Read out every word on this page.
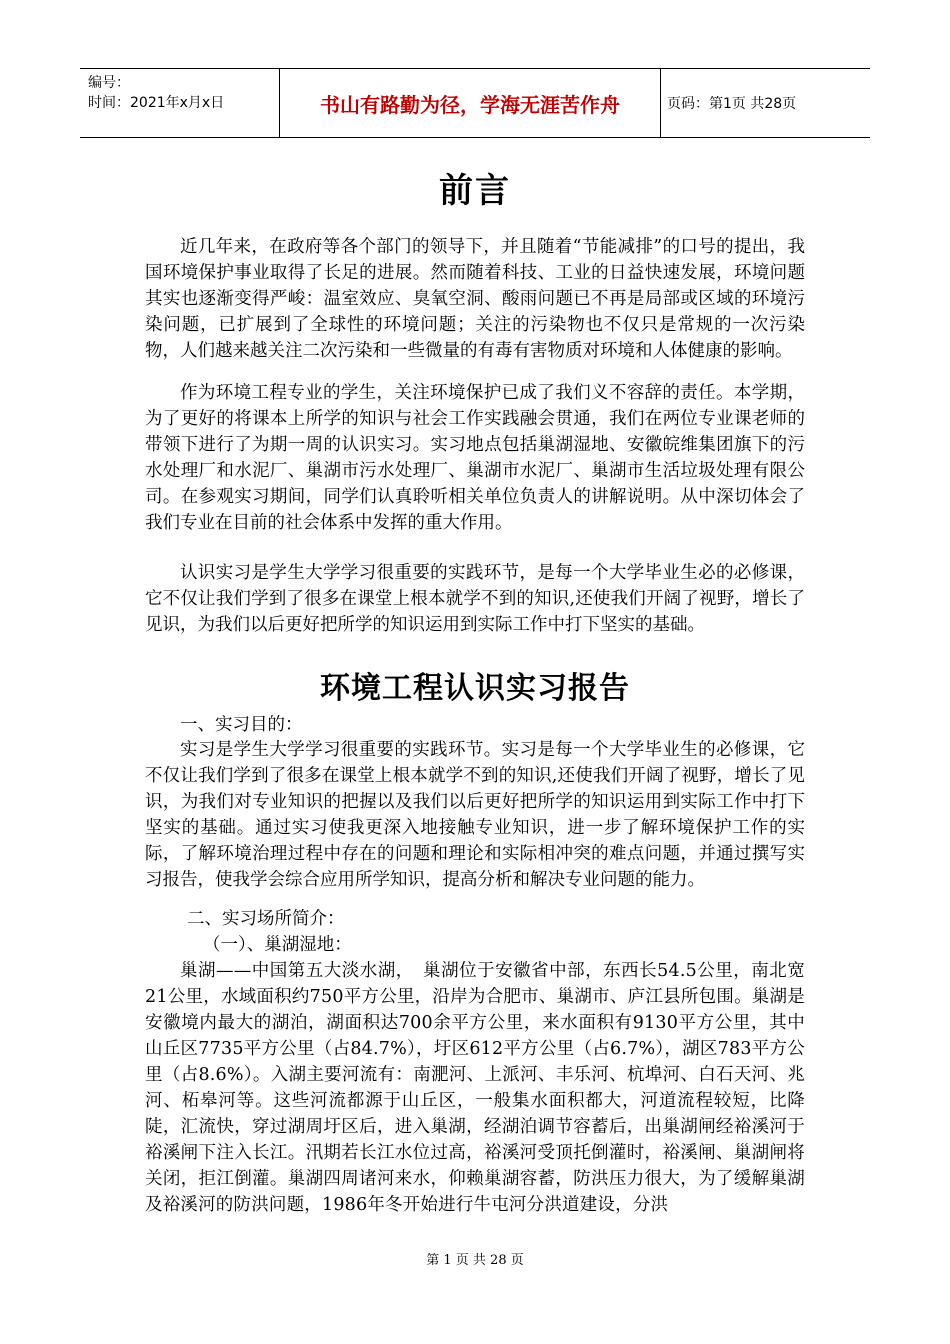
编号：
时间：2021年x月x日	书山有路勤为径，学海无涯苦作舟	页码：第1页 共28页
前言

近几年来，在政府等各个部门的领导下，并且随着“节能减排”的口号的提出，我国环境保护事业取得了长足的进展。然而随着科技、工业的日益快速发展，环境问题其实也逐渐变得严峻：温室效应、臭氧空洞、酸雨问题已不再是局部或区域的环境污染问题，已扩展到了全球性的环境问题；关注的污染物也不仅只是常规的一次污染物，人们越来越关注二次污染和一些微量的有毒有害物质对环境和人体健康的影响。

作为环境工程专业的学生，关注环境保护已成了我们义不容辞的责任。本学期，为了更好的将课本上所学的知识与社会工作实践融会贯通，我们在两位专业课老师的带领下进行了为期一周的认识实习。实习地点包括巢湖湿地、安徽皖维集团旗下的污水处理厂和水泥厂、巢湖市污水处理厂、巢湖市水泥厂、巢湖市生活垃圾处理有限公司。在参观实习期间，同学们认真聆听相关单位负责人的讲解说明。从中深切体会了我们专业在目前的社会体系中发挥的重大作用。

认识实习是学生大学学习很重要的实践环节，是每一个大学毕业生必的必修课，它不仅让我们学到了很多在课堂上根本就学不到的知识,还使我们开阔了视野，增长了见识，为我们以后更好把所学的知识运用到实际工作中打下坚实的基础。

环境工程认识实习报告

一、实习目的：

实习是学生大学学习很重要的实践环节。实习是每一个大学毕业生的必修课，它不仅让我们学到了很多在课堂上根本就学不到的知识,还使我们开阔了视野，增长了见识，为我们对专业知识的把握以及我们以后更好把所学的知识运用到实际工作中打下坚实的基础。通过实习使我更深入地接触专业知识，进一步了解环境保护工作的实际，了解环境治理过程中存在的问题和理论和实际相冲突的难点问题，并通过撰写实习报告，使我学会综合应用所学知识，提高分析和解决专业问题的能力。

二、实习场所简介：

（一）、巢湖湿地：

巢湖——中国第五大淡水湖，　巢湖位于安徽省中部，东西长54.5公里，南北宽21公里，水域面积约750平方公里，沿岸为合肥市、巢湖市、庐江县所包围。巢湖是安徽境内最大的湖泊，湖面积达700余平方公里，来水面积有9130平方公里，其中山丘区7735平方公里（占84.7%），圩区612平方公里（占6.7%），湖区783平方公里（占8.6%）。入湖主要河流有：南淝河、上派河、丰乐河、杭埠河、白石天河、兆河、柘皋河等。这些河流都源于山丘区，一般集水面积都大，河道流程较短，比降陡，汇流快，穿过湖周圩区后，进入巢湖，经湖泊调节容蓄后，出巢湖闸经裕溪河于裕溪闸下注入长江。汛期若长江水位过高，裕溪河受顶托倒灌时，裕溪闸、巢湖闸将关闭，拒江倒灌。巢湖四周诸河来水，仰赖巢湖容蓄，防洪压力很大，为了缓解巢湖及裕溪河的防洪问题，1986年冬开始进行牛屯河分洪道建设，分洪

第 1 页 共 28 页
